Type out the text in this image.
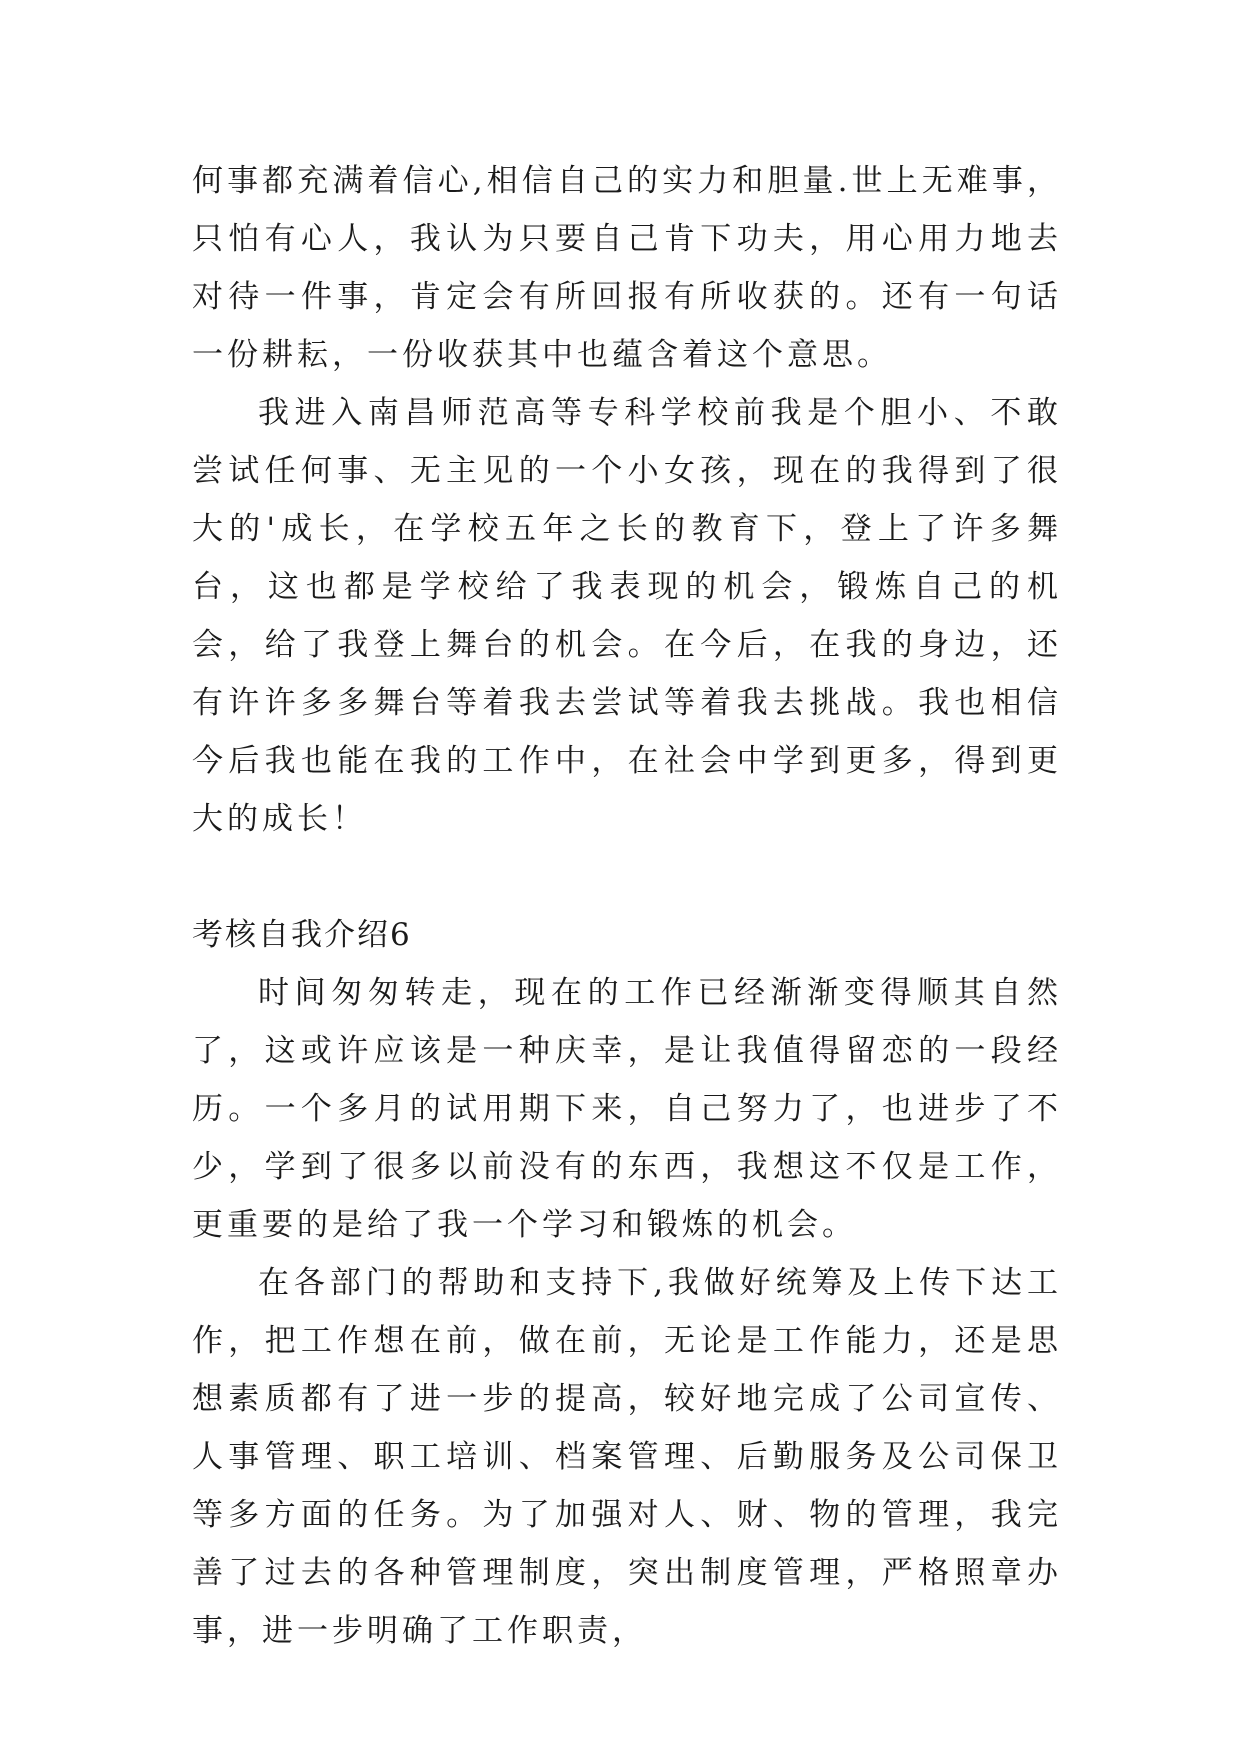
何事都充满着信心,相信自己的实力和胆量.世上无难事，只怕有心人，我认为只要自己肯下功夫，用心用力地去对待一件事，肯定会有所回报有所收获的。还有一句话一份耕耘，一份收获其中也蕴含着这个意思。

我进入南昌师范高等专科学校前我是个胆小、不敢尝试任何事、无主见的一个小女孩，现在的我得到了很大的'成长，在学校五年之长的教育下，登上了许多舞台，这也都是学校给了我表现的机会，锻炼自己的机会，给了我登上舞台的机会。在今后，在我的身边，还有许许多多舞台等着我去尝试等着我去挑战。我也相信今后我也能在我的工作中，在社会中学到更多，得到更大的成长！

考核自我介绍6

时间匆匆转走，现在的工作已经渐渐变得顺其自然了，这或许应该是一种庆幸，是让我值得留恋的一段经历。一个多月的试用期下来，自己努力了，也进步了不少，学到了很多以前没有的东西，我想这不仅是工作，更重要的是给了我一个学习和锻炼的机会。

在各部门的帮助和支持下,我做好统筹及上传下达工作，把工作想在前，做在前，无论是工作能力，还是思想素质都有了进一步的提高，较好地完成了公司宣传、人事管理、职工培训、档案管理、后勤服务及公司保卫等多方面的任务。为了加强对人、财、物的管理，我完善了过去的各种管理制度，突出制度管理，严格照章办事，进一步明确了工作职责，
